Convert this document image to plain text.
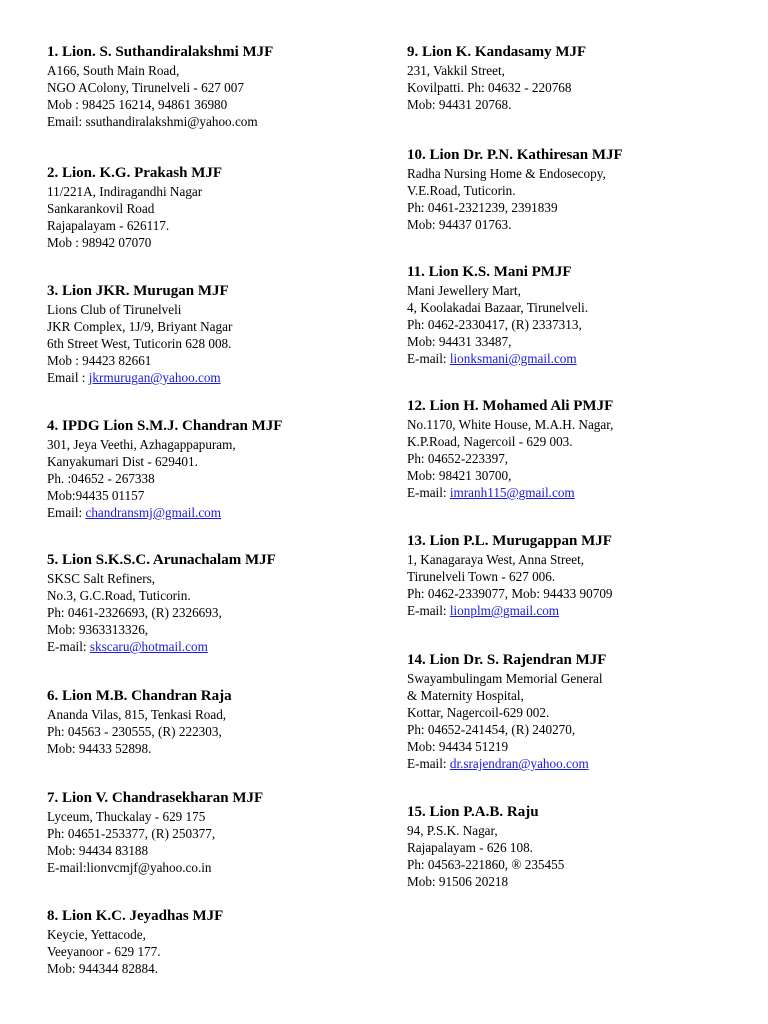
1. Lion. S. Suthandiralakshmi MJF
A166, South Main Road,
NGO AColony, Tirunelveli - 627 007
Mob : 98425 16214, 94861 36980
Email: ssuthandiralakshmi@yahoo.com
2. Lion. K.G. Prakash MJF
11/221A, Indiragandhi Nagar
Sankarankovil Road
Rajapalayam - 626117.
Mob : 98942 07070
3. Lion JKR. Murugan MJF
Lions Club of Tirunelveli
JKR Complex, 1J/9, Briyant Nagar
6th Street West, Tuticorin 628 008.
Mob : 94423 82661
Email : jkrmurugan@yahoo.com
4. IPDG Lion S.M.J. Chandran MJF
301, Jeya Veethi, Azhagappapuram,
Kanyakumari Dist - 629401.
Ph. :04652 - 267338
Mob:94435 01157
Email: chandransmj@gmail.com
5. Lion S.K.S.C. Arunachalam MJF
SKSC Salt Refiners,
No.3, G.C.Road, Tuticorin.
Ph: 0461-2326693, (R) 2326693,
Mob: 9363313326,
E-mail: skscaru@hotmail.com
6. Lion M.B. Chandran Raja
Ananda Vilas, 815, Tenkasi Road,
Ph: 04563 - 230555, (R) 222303,
Mob: 94433 52898.
7. Lion V. Chandrasekharan MJF
Lyceum, Thuckalay - 629 175
Ph: 04651-253377, (R) 250377,
Mob: 94434 83188
E-mail:lionvcmjf@yahoo.co.in
8. Lion K.C. Jeyadhas MJF
Keycie, Yettacode,
Veeyanoor - 629 177.
Mob: 944344 82884.
9. Lion K. Kandasamy MJF
231, Vakkil Street,
Kovilpatti. Ph: 04632 - 220768
Mob: 94431 20768.
10. Lion Dr. P.N. Kathiresan MJF
Radha Nursing Home & Endosecopy,
V.E.Road, Tuticorin.
Ph: 0461-2321239, 2391839
Mob: 94437 01763.
11. Lion K.S. Mani PMJF
Mani Jewellery Mart,
4, Koolakadai Bazaar, Tirunelveli.
Ph: 0462-2330417, (R) 2337313,
Mob: 94431 33487,
E-mail: lionksmani@gmail.com
12. Lion H. Mohamed Ali PMJF
No.1170, White House, M.A.H. Nagar,
K.P.Road, Nagercoil - 629 003.
Ph: 04652-223397,
Mob: 98421 30700,
E-mail: imranh115@gmail.com
13. Lion P.L. Murugappan MJF
1, Kanagaraya West, Anna Street,
Tirunelveli Town - 627 006.
Ph: 0462-2339077, Mob: 94433 90709
E-mail: lionplm@gmail.com
14. Lion Dr. S. Rajendran MJF
Swayambulingam Memorial General
& Maternity Hospital,
Kottar, Nagercoil-629 002.
Ph: 04652-241454, (R) 240270,
Mob: 94434 51219
E-mail: dr.srajendran@yahoo.com
15. Lion P.A.B. Raju
94, P.S.K. Nagar,
Rajapalayam - 626 108.
Ph: 04563-221860, ® 235455
Mob: 91506 20218
